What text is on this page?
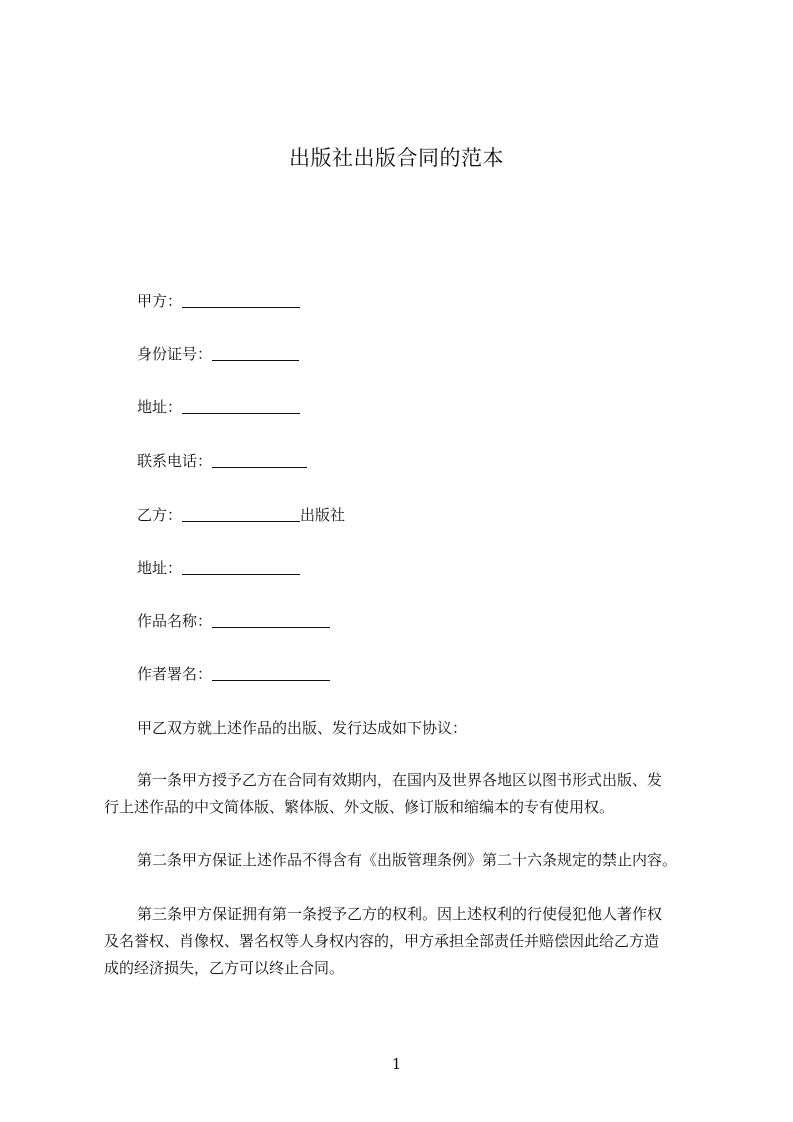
出版社出版合同的范本
甲方：
身份证号：
地址：
联系电话：
乙方：	出版社
地址：
作品名称：
作者署名：
甲乙双方就上述作品的出版、发行达成如下协议：
第一条甲方授予乙方在合同有效期内，在国内及世界各地区以图书形式出版、发
行上述作品的中文简体版、繁体版、外文版、修订版和缩编本的专有使用权。
第二条甲方保证上述作品不得含有《出版管理条例》第二十六条规定的禁止内容。
第三条甲方保证拥有第一条授予乙方的权利。因上述权利的行使侵犯他人著作权
及名誉权、肖像权、署名权等人身权内容的，甲方承担全部责任并赔偿因此给乙方造
成的经济损失，乙方可以终止合同。
1
